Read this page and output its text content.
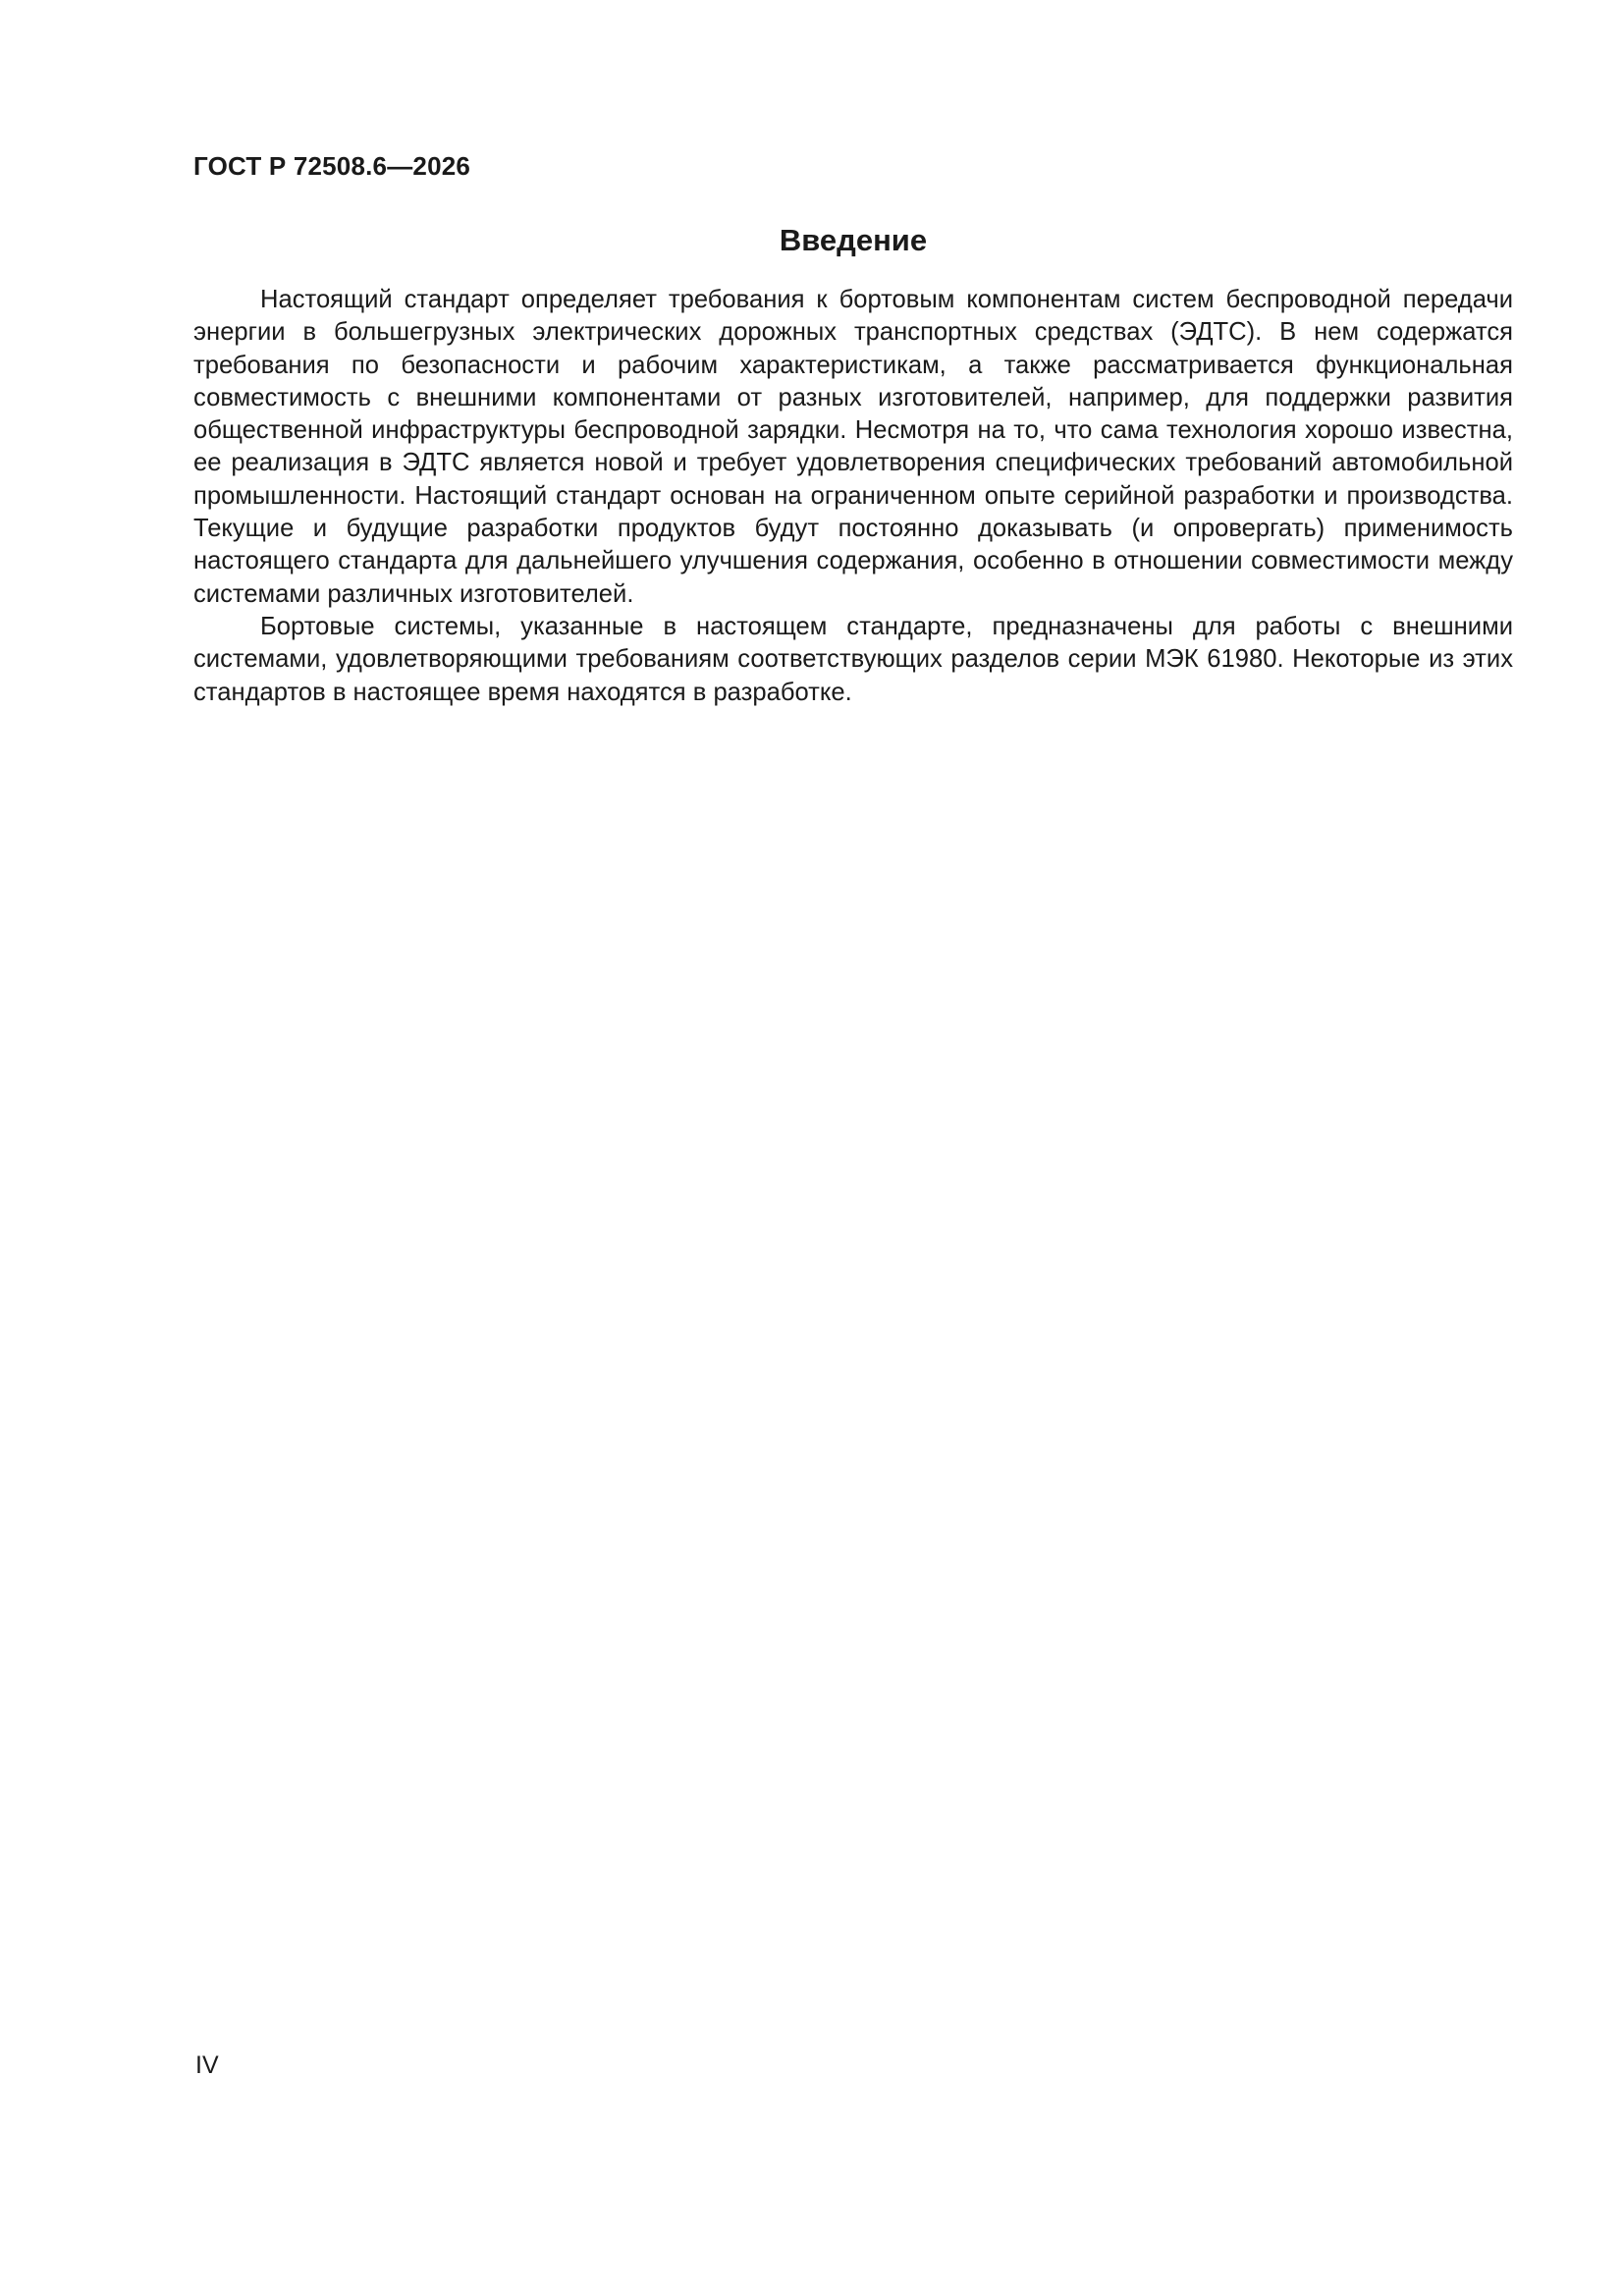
ГОСТ Р 72508.6—2026
Введение

Настоящий стандарт определяет требования к бортовым компонентам систем беспроводной передачи энергии в большегрузных электрических дорожных транспортных средствах (ЭДТС). В нем содержатся требования по безопасности и рабочим характеристикам, а также рассматривается функциональная совместимость с внешними компонентами от разных изготовителей, например, для поддержки развития общественной инфраструктуры беспроводной зарядки. Несмотря на то, что сама технология хорошо известна, ее реализация в ЭДТС является новой и требует удовлетворения специфических требований автомобильной промышленности. Настоящий стандарт основан на ограниченном опыте серийной разработки и производства. Текущие и будущие разработки продуктов будут постоянно доказывать (и опровергать) применимость настоящего стандарта для дальнейшего улучшения содержания, особенно в отношении совместимости между системами различных изготовителей.

Бортовые системы, указанные в настоящем стандарте, предназначены для работы с внешними системами, удовлетворяющими требованиям соответствующих разделов серии МЭК 61980. Некоторые из этих стандартов в настоящее время находятся в разработке.

IV
